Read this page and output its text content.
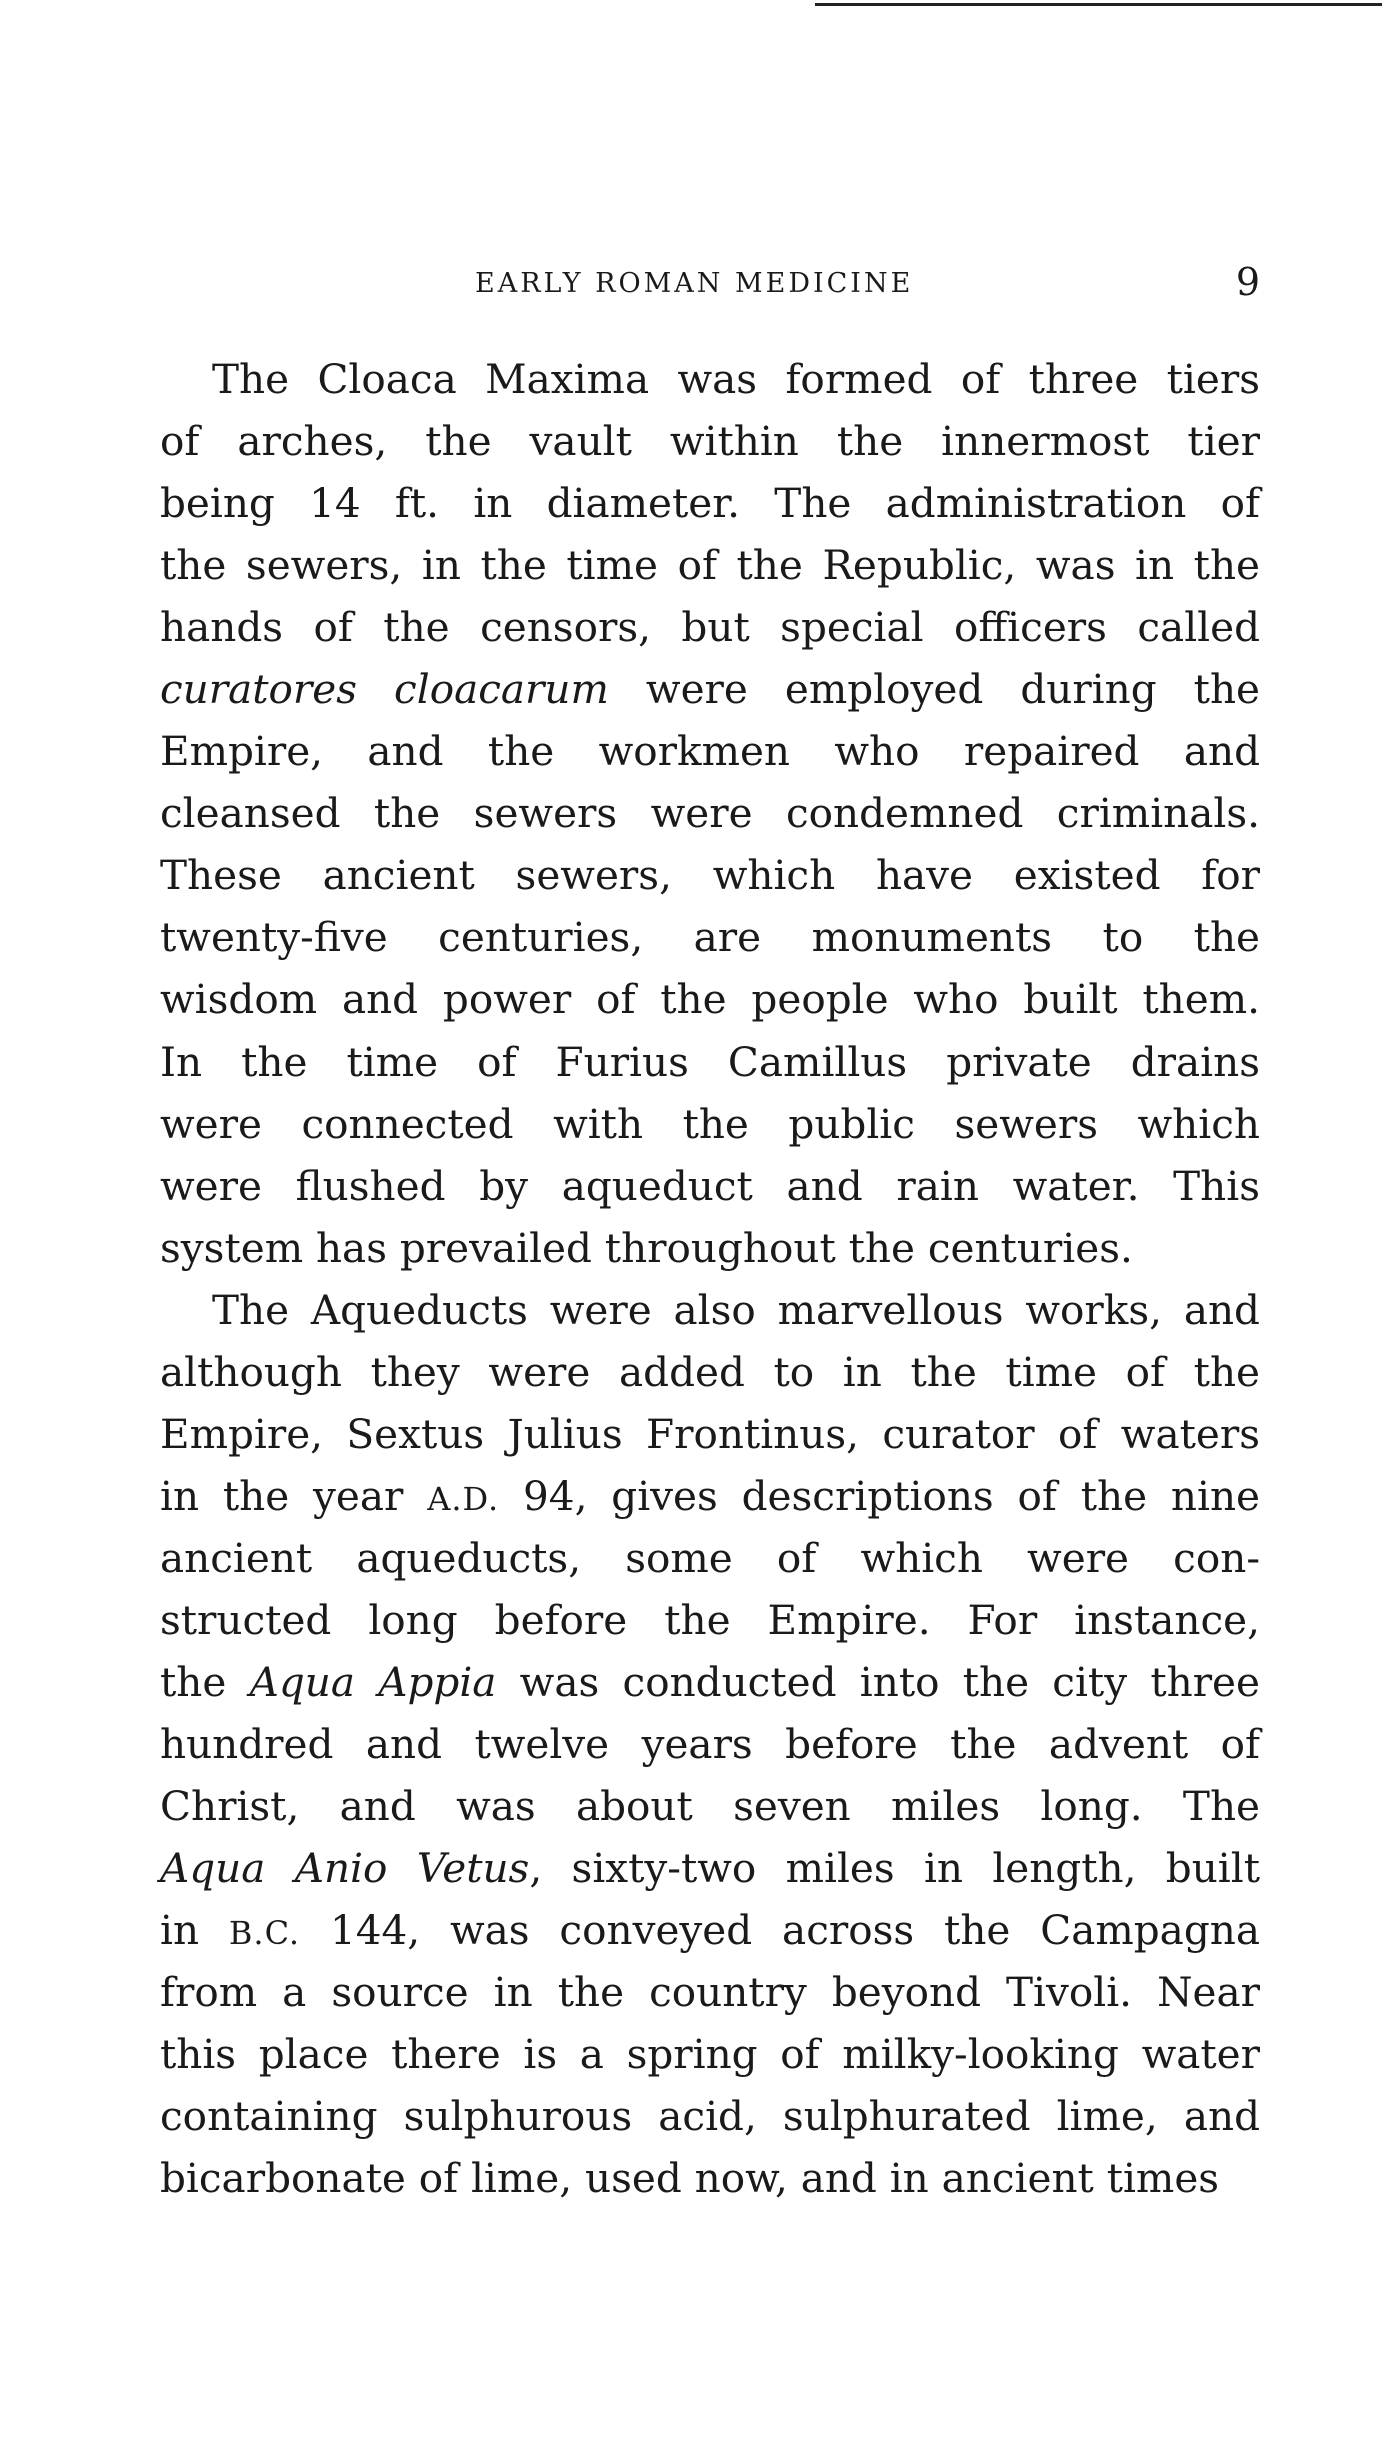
EARLY ROMAN MEDICINE	9
The Cloaca Maxima was formed of three tiers
of arches, the vault within the innermost tier
being 14 ft. in diameter. The administration of
the sewers, in the time of the Republic, was in the
hands of the censors, but special officers called
curatores cloacarum were employed during the
Empire, and the workmen who repaired and
cleansed the sewers were condemned criminals.
These ancient sewers, which have existed for
twenty-five centuries, are monuments to the
wisdom and power of the people who built them.
In the time of Furius Camillus private drains
were connected with the public sewers which
were flushed by aqueduct and rain water. This
system has prevailed throughout the centuries.
The Aqueducts were also marvellous works, and
although they were added to in the time of the
Empire, Sextus Julius Frontinus, curator of waters
in the year A.D. 94, gives descriptions of the nine
ancient aqueducts, some of which were con-
structed long before the Empire. For instance,
the Aqua Appia was conducted into the city three
hundred and twelve years before the advent of
Christ, and was about seven miles long. The
Aqua Anio Vetus, sixty-two miles in length, built
in B.C. 144, was conveyed across the Campagna
from a source in the country beyond Tivoli. Near
this place there is a spring of milky-looking water
containing sulphurous acid, sulphurated lime, and
bicarbonate of lime, used now, and in ancient times
